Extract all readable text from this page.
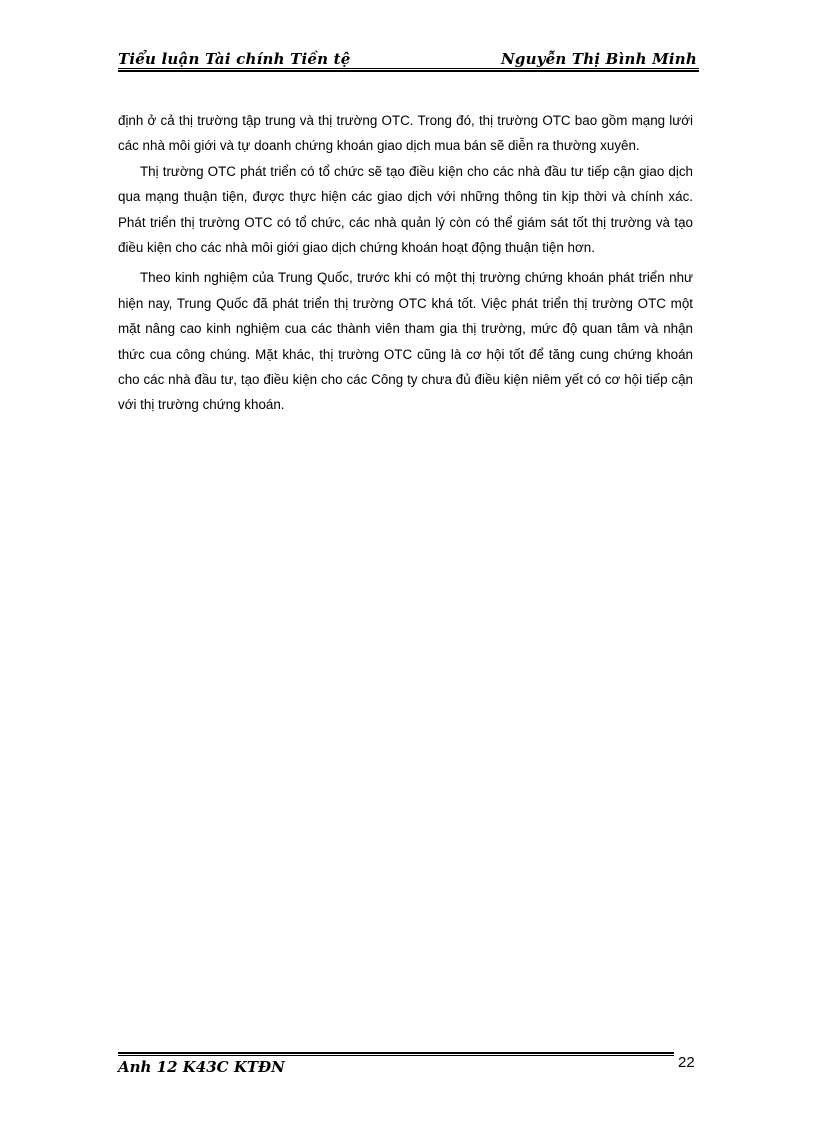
Tiểu luận Tài chính Tiền tệ	Nguyễn Thị Bình Minh

định ở cả thị trường tập trung và thị trường OTC. Trong đó, thị trường OTC bao gồm mạng lưới các nhà môi giới và tự doanh chứng khoán giao dịch mua bán sẽ diễn ra thường xuyên.

Thị trường OTC phát triển có tổ chức sẽ tạo điều kiện cho các nhà đầu tư tiếp cận giao dịch qua mạng thuận tiện, được thực hiện các giao dịch với những thông tin kịp thời và chính xác. Phát triển thị trường OTC có tổ chức, các nhà quản lý còn có thể giám sát tốt thị trường và tạo điều kiện cho các nhà môi giới giao dịch chứng khoán hoạt động thuận tiện hơn.

Theo kinh nghiệm của Trung Quốc, trước khi có một thị trường chứng khoán phát triển như hiện nay, Trung Quốc đã phát triển thị trường OTC khá tốt. Việc phát triển thị trường OTC một mặt nâng cao kinh nghiệm cua các thành viên tham gia thị trường, mức độ quan tâm và nhận thức cua công chúng. Mặt khác, thị trường OTC cũng là cơ hội tốt để tăng cung chứng khoán cho các nhà đầu tư, tạo điều kiện cho các Công ty chưa đủ điều kiện niêm yết có cơ hội tiếp cận với thị trường chứng khoán.

Anh 12 K43C KTĐN	22
